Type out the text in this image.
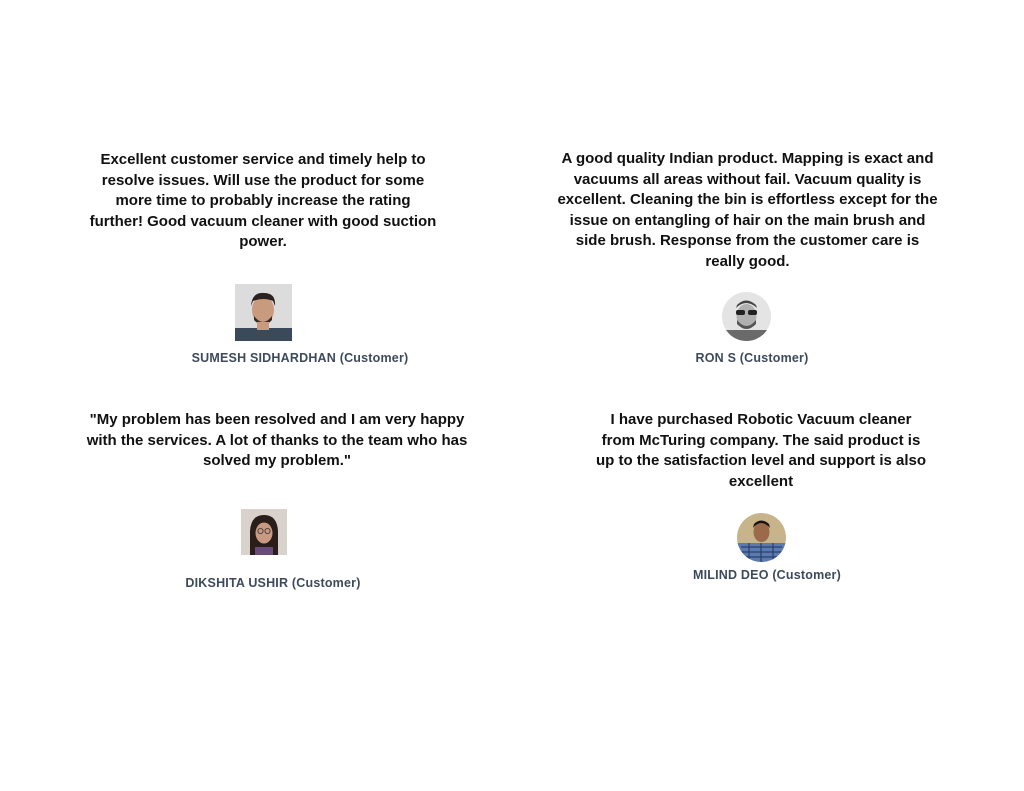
Excellent customer service and timely help to resolve issues. Will use the product for some more time to probably increase the rating further! Good vacuum cleaner with good suction power.
SUMESH SIDHARDHAN (Customer)
A good quality Indian product. Mapping is exact and vacuums all areas without fail. Vacuum quality is excellent. Cleaning the bin is effortless except for the issue on entangling of hair on the main brush and side brush. Response from the customer care is really good.
RON S (Customer)
"My problem has been resolved and I am very happy with the services. A lot of thanks to the team who has solved my problem."
DIKSHITA USHIR (Customer)
I have purchased Robotic Vacuum cleaner from McTuring company. The said product is up to the satisfaction level and support is also excellent
MILIND DEO (Customer)
